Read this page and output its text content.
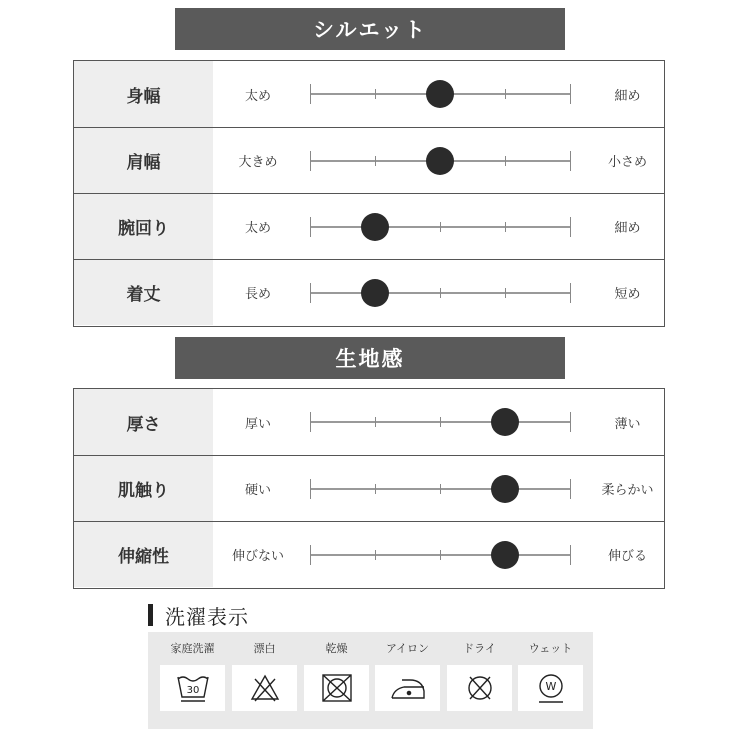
シルエット
身幅	太め	細め
肩幅	大きめ	小さめ
腕回り	太め	細め
着丈	長め	短め
生地感
厚さ	厚い	薄い
肌触り	硬い	柔らかい
伸縮性	伸びない	伸びる
洗濯表示
家庭洗濯
30
漂白	乾燥	アイロン	ドライ	ウェット
W
